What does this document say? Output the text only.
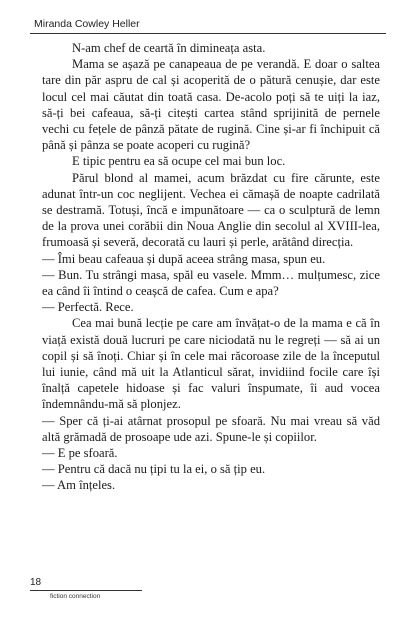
Miranda Cowley Heller

N-am chef de ceartă în dimineața asta.

Mama se așază pe canapeaua de pe verandă. E doar o saltea tare din păr aspru de cal și acoperită de o pătură cenușie, dar este locul cel mai căutat din toată casa. De-acolo poți să te uiți la iaz, să-ți bei cafeaua, să-ți citești cartea stând sprijinită de pernele vechi cu fețele de pânză pătate de rugină. Cine și-ar fi închipuit că până și pânza se poate acoperi cu rugină?

E tipic pentru ea să ocupe cel mai bun loc.

Părul blond al mamei, acum brăzdat cu fire cărunte, este adunat într-un coc neglijent. Vechea ei cămașă de noapte cadrilată se destramă. Totuși, încă e impunătoare — ca o sculptură de lemn de la prova unei corăbii din Noua Anglie din secolul al XVIII-lea, frumoasă și severă, decorată cu lauri și perle, arătând direcția.

— Îmi beau cafeaua și după aceea strâng masa, spun eu.

— Bun. Tu strângi masa, spăl eu vasele. Mmm… mulțumesc, zice ea când îi întind o ceașcă de cafea. Cum e apa?

— Perfectă. Rece.

Cea mai bună lecție pe care am învățat-o de la mama e că în viață există două lucruri pe care niciodată nu le regreți — să ai un copil și să înoți. Chiar și în cele mai răcoroase zile de la începutul lui iunie, când mă uit la Atlanticul sărat, invidiind focile care își înalță capetele hidoase și fac valuri înspumate, îi aud vocea îndemnându-mă să plonjez.

— Sper că ți-ai atârnat prosopul pe sfoară. Nu mai vreau să văd altă grămadă de prosoape ude azi. Spune-le și copiilor.

— E pe sfoară.

— Pentru că dacă nu țipi tu la ei, o să țip eu.

— Am înțeles.

18
fiction connection
